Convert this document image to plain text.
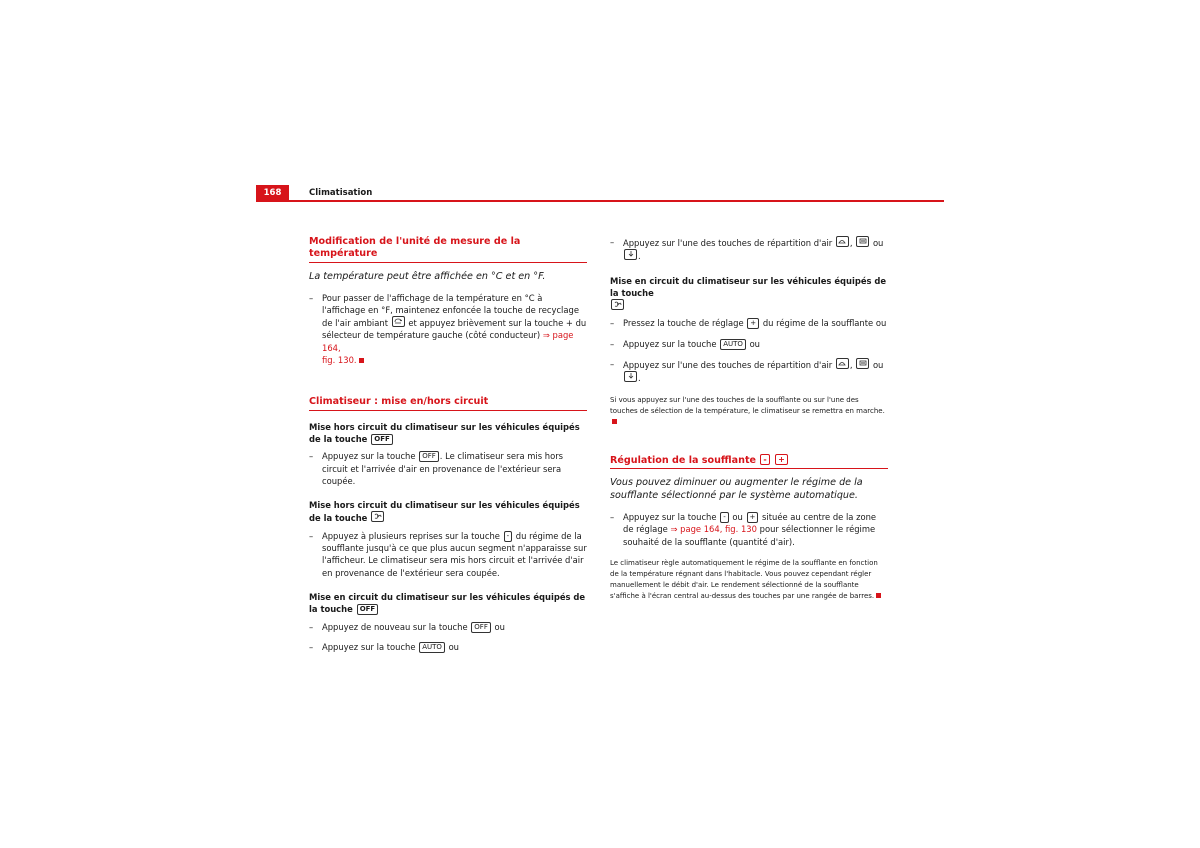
168	Climatisation
Modification de l'unité de mesure de la température
La température peut être affichée en °C et en °F.
– Pour passer de l'affichage de la température en °C à l'affichage en °F, maintenez enfoncée la touche de recyclage de l'air ambiant et appuyez brièvement sur la touche + du sélecteur de température gauche (côté conducteur) ⇒ page 164,
fig. 130.
Climatiseur : mise en/hors circuit
Mise hors circuit du climatiseur sur les véhicules équipés de la touche OFF
– Appuyez sur la touche OFF . Le climatiseur sera mis hors circuit et l'arrivée d'air en provenance de l'extérieur sera coupée.
Mise hors circuit du climatiseur sur les véhicules équipés de la touche
– Appuyez à plusieurs reprises sur la touche - du régime de la soufflante jusqu'à ce que plus aucun segment n'apparaisse sur l'afficheur. Le climatiseur sera mis hors circuit et l'arrivée d'air en provenance de l'extérieur sera coupée.
Mise en circuit du climatiseur sur les véhicules équipés de la touche OFF
– Appuyez de nouveau sur la touche OFF ou
– Appuyez sur la touche AUTO ou
– Appuyez sur l'une des touches de répartition d'air , ou

.
Mise en circuit du climatiseur sur les véhicules équipés de la touche

– Pressez la touche de réglage + du régime de la soufflante ou
– Appuyez sur la touche AUTO ou
– Appuyez sur l'une des touches de répartition d'air , ou

.
Si vous appuyez sur l'une des touches de la soufflante ou sur l'une des touches de sélection de la température, le climatiseur se remettra en marche.
Régulation de la soufflante - +
Vous pouvez diminuer ou augmenter le régime de la soufflante sélectionné par le système automatique.
– Appuyez sur la touche - ou + située au centre de la zone de réglage ⇒ page 164, fig. 130 pour sélectionner le régime souhaité de la soufflante (quantité d'air).
Le climatiseur règle automatiquement le régime de la soufflante en fonction de la température régnant dans l'habitacle. Vous pouvez cependant régler manuellement le débit d'air. Le rendement sélectionné de la soufflante s'affiche à l'écran central au-dessus des touches par une rangée de barres.
